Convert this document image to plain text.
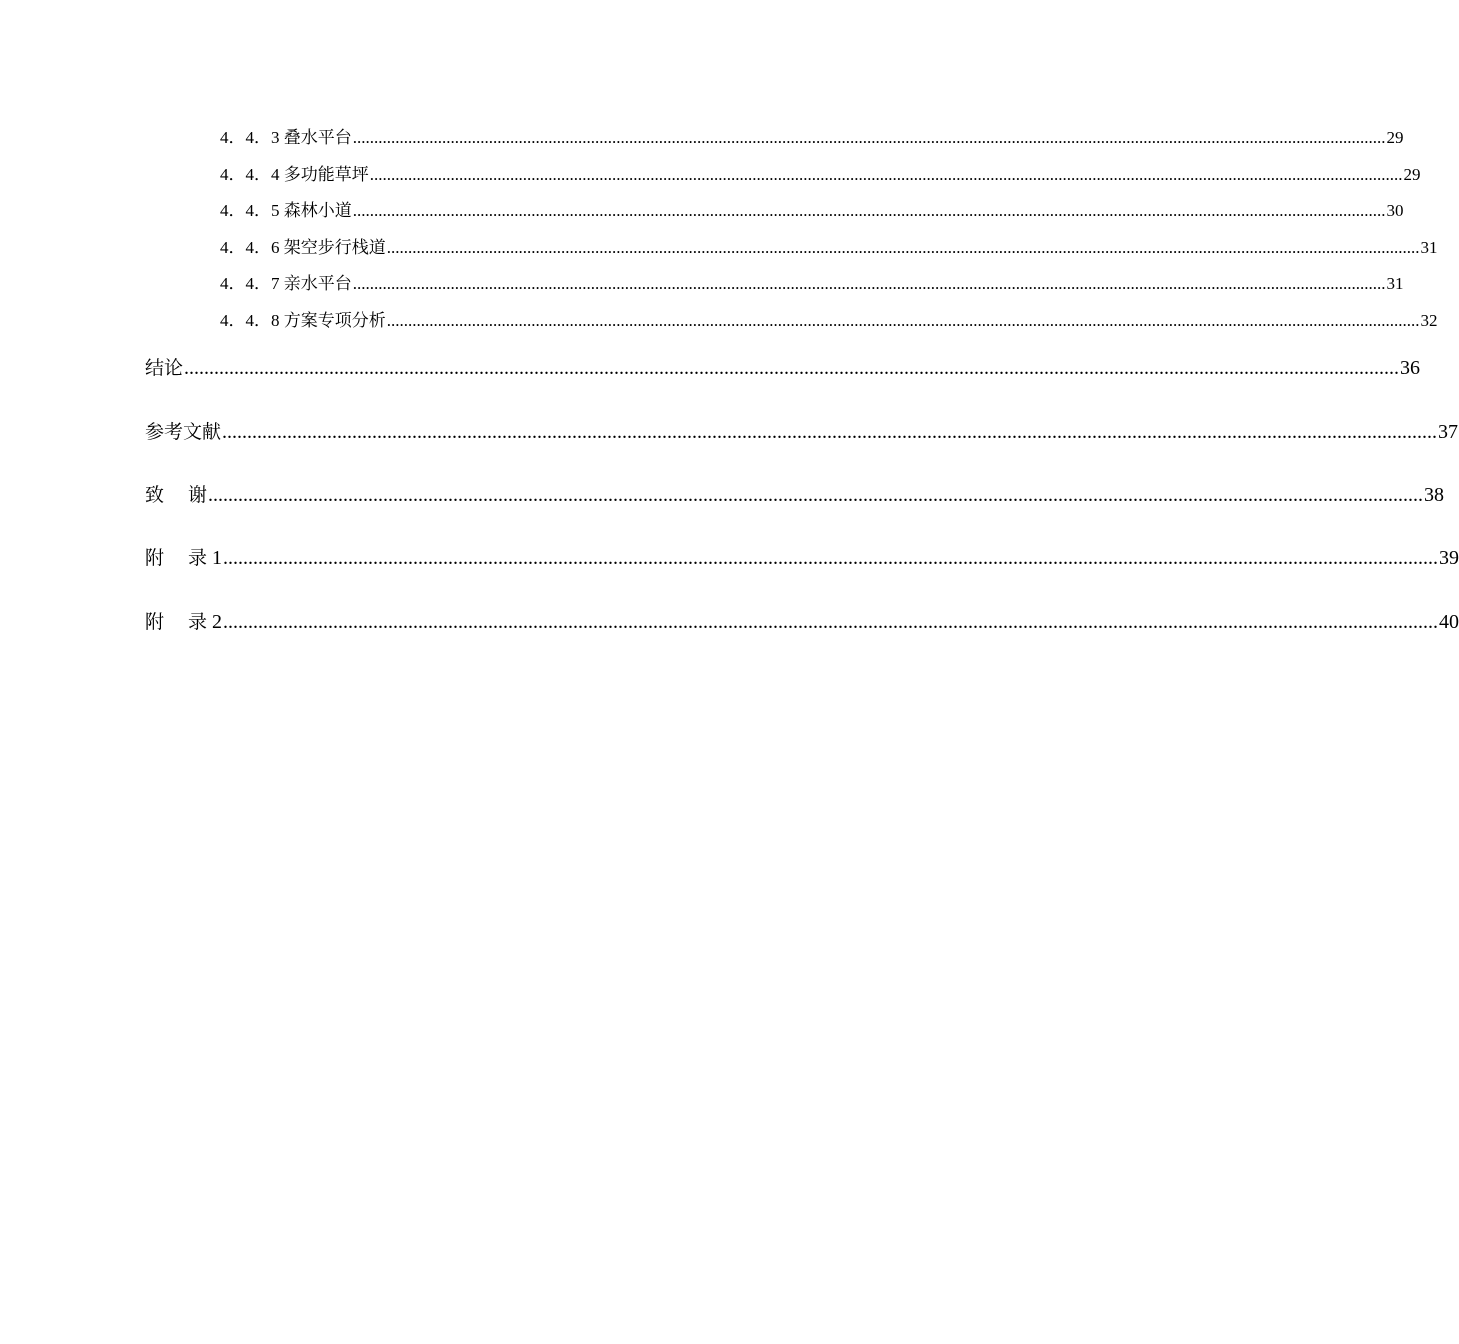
4．4．3 叠水平台 ................................................................................................................................................................................................................................................... 29
4．4．4 多功能草坪 ................................................................................................................................................................................................................................................... 29
4．4．5 森林小道 ................................................................................................................................................................................................................................................... 30
4．4．6 架空步行栈道 ................................................................................................................................................................................................................................................... 31
4．4．7 亲水平台 ................................................................................................................................................................................................................................................... 31
4．4．8 方案专项分析 ................................................................................................................................................................................................................................................... 32
结论 ................................................................................................................................................................................................................................................... 36
参考文献 ................................................................................................................................................................................................................................................... 37
致 谢 ................................................................................................................................................................................................................................................... 38
附 录 1 ................................................................................................................................................................................................................................................... 39
附 录 2 ................................................................................................................................................................................................................................................... 40
